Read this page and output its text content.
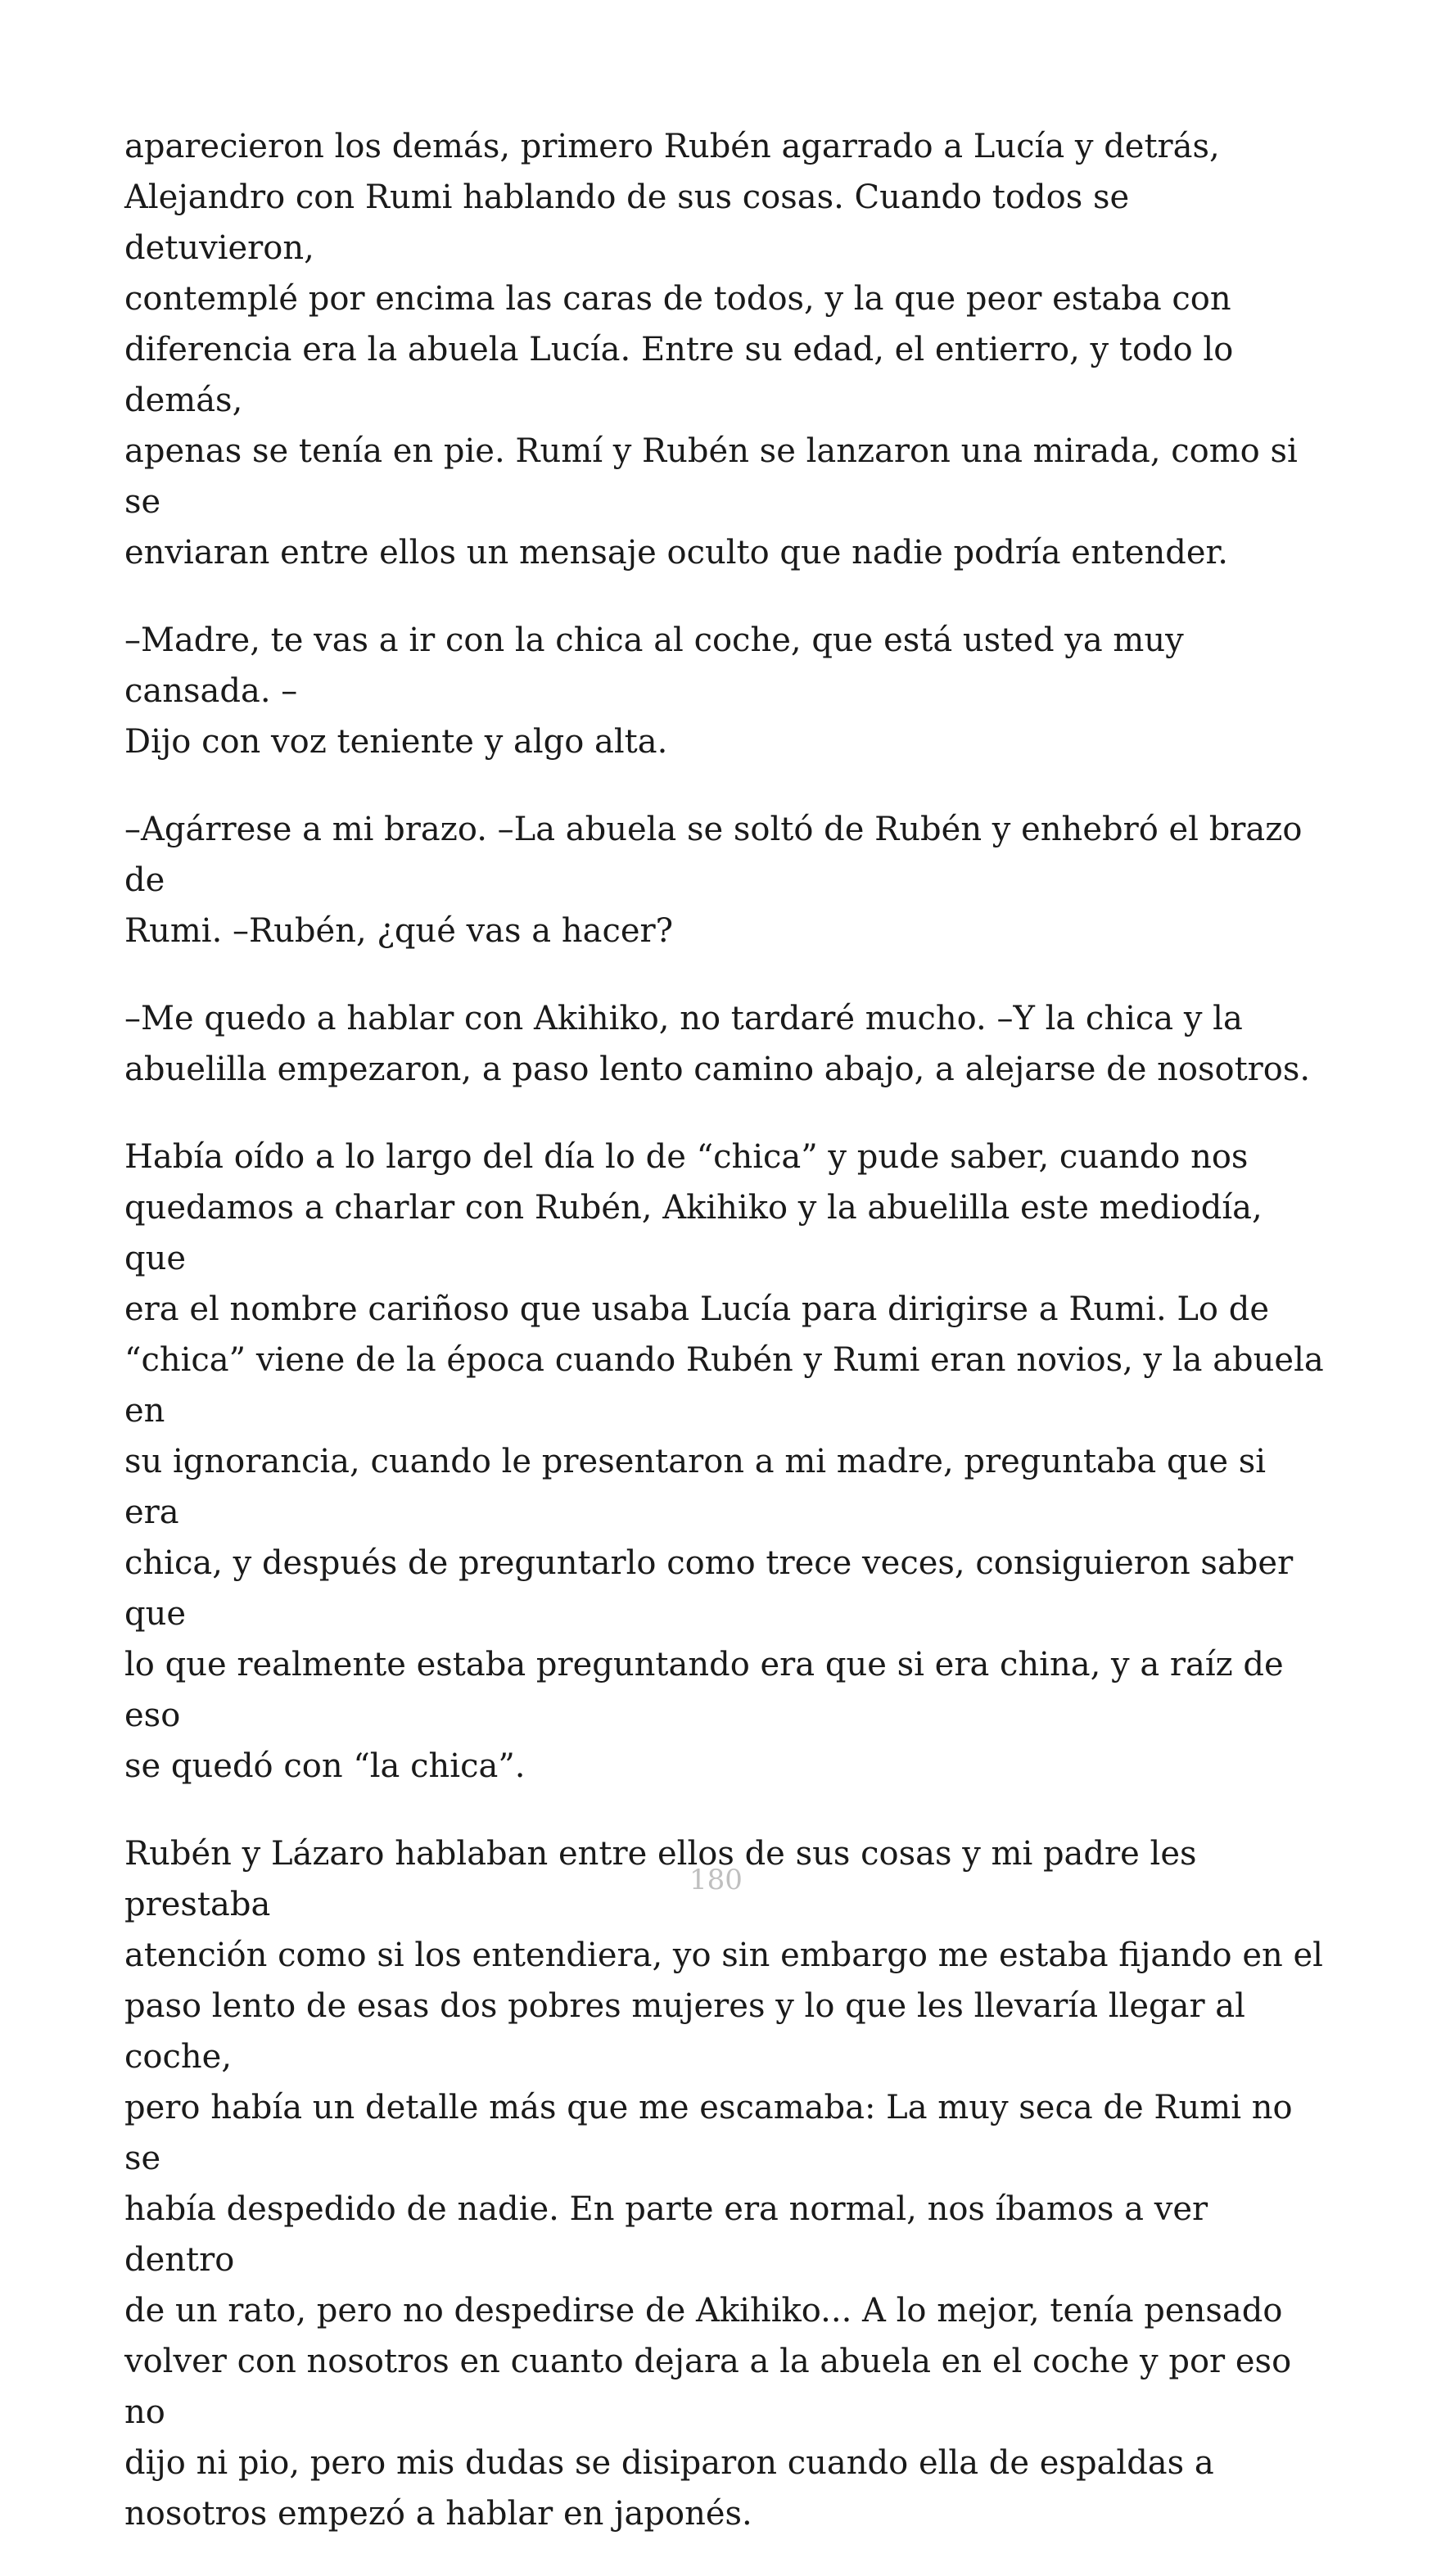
aparecieron los demás, primero Rubén agarrado a Lucía y detrás,
Alejandro con Rumi hablando de sus cosas. Cuando todos se detuvieron,
contemplé por encima las caras de todos, y la que peor estaba con
diferencia era la abuela Lucía. Entre su edad, el entierro, y todo lo demás,
apenas se tenía en pie. Rumí y Rubén se lanzaron una mirada, como si se
enviaran entre ellos un mensaje oculto que nadie podría entender.

–Madre, te vas a ir con la chica al coche, que está usted ya muy cansada. –
Dijo con voz teniente y algo alta.

–Agárrese a mi brazo. –La abuela se soltó de Rubén y enhebró el brazo de
Rumi. –Rubén, ¿qué vas a hacer?

–Me quedo a hablar con Akihiko, no tardaré mucho. –Y la chica y la
abuelilla empezaron, a paso lento camino abajo, a alejarse de nosotros.

Había oído a lo largo del día lo de “chica” y pude saber, cuando nos
quedamos a charlar con Rubén, Akihiko y la abuelilla este mediodía, que
era el nombre cariñoso que usaba Lucía para dirigirse a Rumi. Lo de
“chica” viene de la época cuando Rubén y Rumi eran novios, y la abuela en
su ignorancia, cuando le presentaron a mi madre, preguntaba que si era
chica, y después de preguntarlo como trece veces, consiguieron saber que
lo que realmente estaba preguntando era que si era china, y a raíz de eso
se quedó con “la chica”.

Rubén y Lázaro hablaban entre ellos de sus cosas y mi padre les prestaba
atención como si los entendiera, yo sin embargo me estaba fijando en el
paso lento de esas dos pobres mujeres y lo que les llevaría llegar al coche,
pero había un detalle más que me escamaba: La muy seca de Rumi no se
había despedido de nadie. En parte era normal, nos íbamos a ver dentro
de un rato, pero no despedirse de Akihiko... A lo mejor, tenía pensado
volver con nosotros en cuanto dejara a la abuela en el coche y por eso no
dijo ni pio, pero mis dudas se disiparon cuando ella de espaldas a
nosotros empezó a hablar en japonés.

180
